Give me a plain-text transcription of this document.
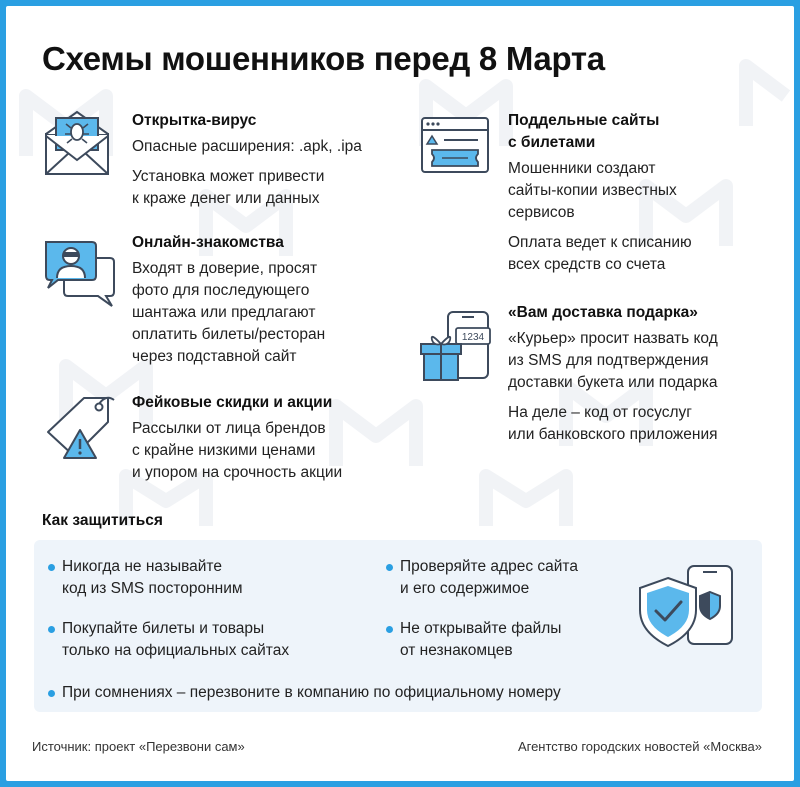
Схемы мошенников перед 8 Марта
Открытка-вирус
Опасные расширения: .apk, .ipa
Установка может привести
к краже денег или данных
Онлайн-знакомства
Входят в доверие, просят
фото для последующего
шантажа или предлагают
оплатить билеты/ресторан
через подставной сайт
Фейковые скидки и акции
Рассылки от лица брендов
с крайне низкими ценами
и упором на срочность акции
Поддельные сайты
с билетами
Мошенники создают
сайты-копии известных
сервисов
Оплата ведет к списанию
всех средств со счета
1234
«Вам доставка подарка»
«Курьер» просит назвать код
из SMS для подтверждения
доставки букета или подарка
На деле – код от госуслуг
или банковского приложения
Как защититься
Никогда не называйте
код из SMS посторонним
Проверяйте адрес сайта
и его содержимое
Покупайте билеты и товары
только на официальных сайтах
Не открывайте файлы
от незнакомцев
При сомнениях – перезвоните в компанию по официальному номеру
Источник: проект «Перезвони сам»	Агентство городских новостей «Москва»
